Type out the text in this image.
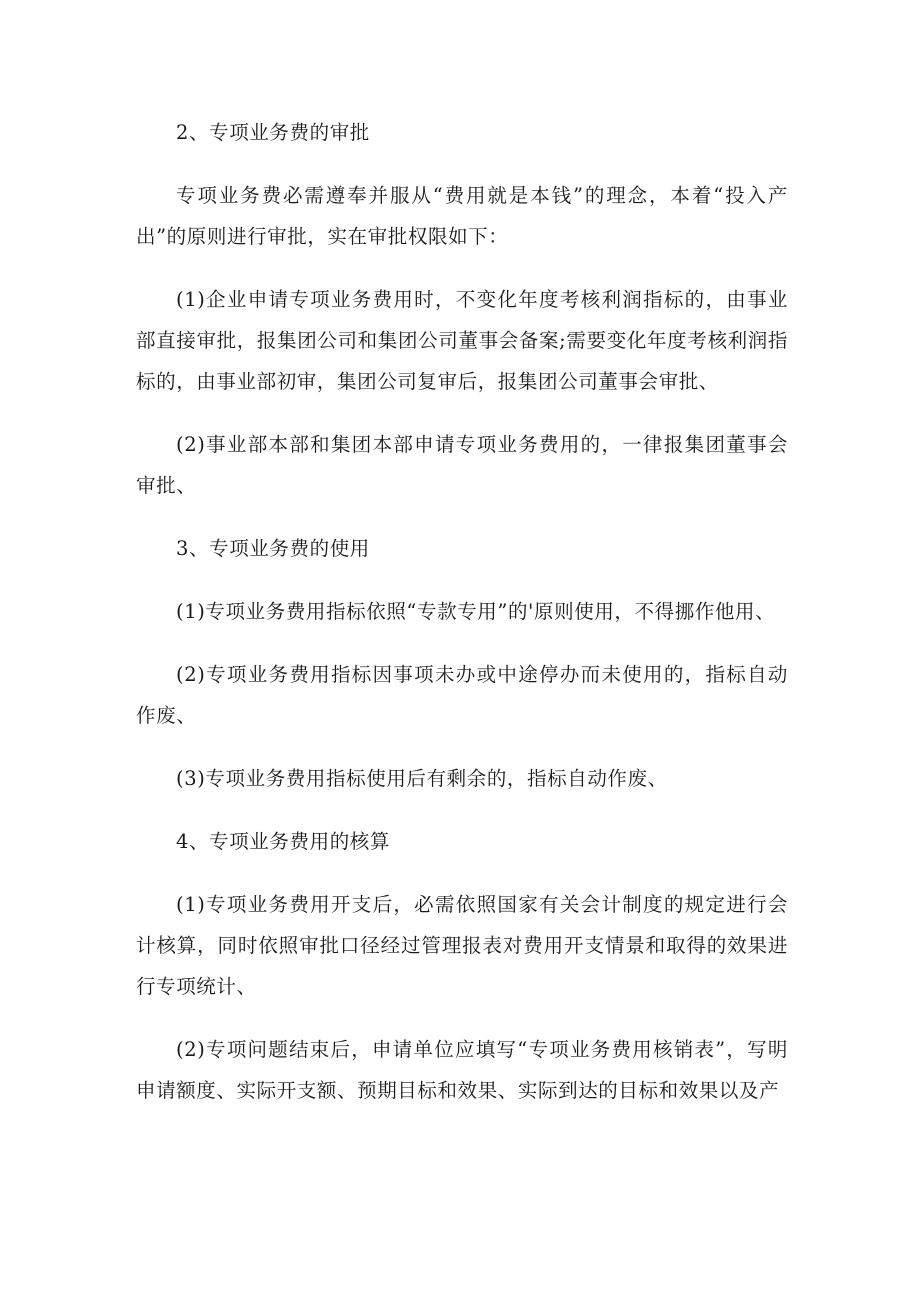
2、专项业务费的审批

专项业务费必需遵奉并服从“费用就是本钱”的理念，本着“投入产出”的原则进行审批，实在审批权限如下：

(1)企业申请专项业务费用时，不变化年度考核利润指标的，由事业部直接审批，报集团公司和集团公司董事会备案;需要变化年度考核利润指标的，由事业部初审，集团公司复审后，报集团公司董事会审批、

(2)事业部本部和集团本部申请专项业务费用的，一律报集团董事会审批、

3、专项业务费的使用

(1)专项业务费用指标依照“专款专用”的'原则使用，不得挪作他用、

(2)专项业务费用指标因事项未办或中途停办而未使用的，指标自动作废、

(3)专项业务费用指标使用后有剩余的，指标自动作废、

4、专项业务费用的核算

(1)专项业务费用开支后，必需依照国家有关会计制度的规定进行会计核算，同时依照审批口径经过管理报表对费用开支情景和取得的效果进行专项统计、

(2)专项问题结束后，申请单位应填写“专项业务费用核销表”，写明申请额度、实际开支额、预期目标和效果、实际到达的目标和效果以及产
